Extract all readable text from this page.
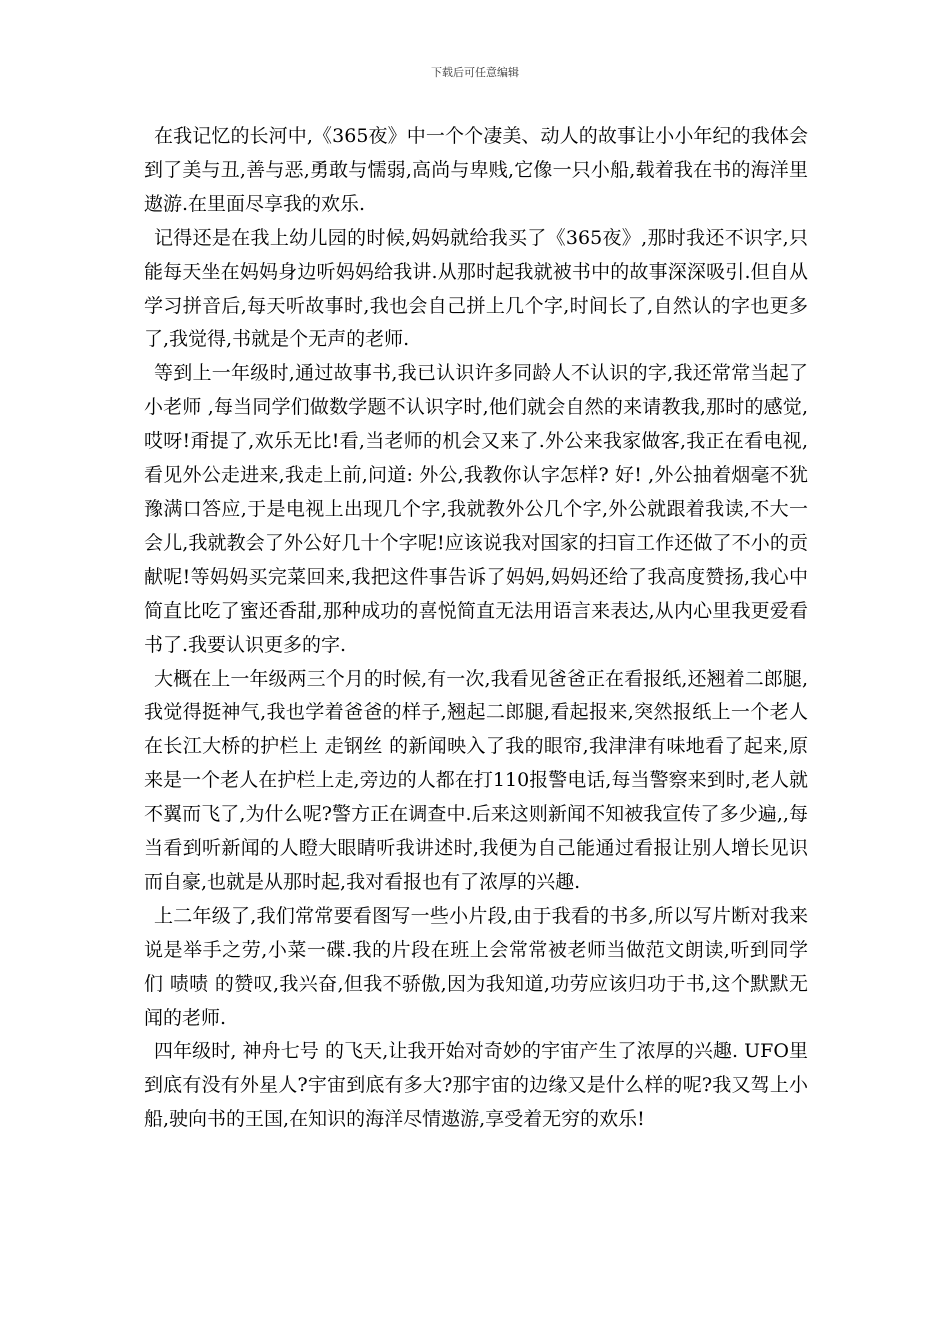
下载后可任意编辑

在我记忆的长河中,《365夜》中一个个凄美、动人的故事让小小年纪的我体会到了美与丑,善与恶,勇敢与懦弱,高尚与卑贱,它像一只小船,载着我在书的海洋里遨游.在里面尽享我的欢乐.

记得还是在我上幼儿园的时候,妈妈就给我买了《365夜》,那时我还不识字,只能每天坐在妈妈身边听妈妈给我讲.从那时起我就被书中的故事深深吸引.但自从学习拼音后,每天听故事时,我也会自己拼上几个字,时间长了,自然认的字也更多了,我觉得,书就是个无声的老师.

等到上一年级时,通过故事书,我已认识许多同龄人不认识的字,我还常常当起了 小老师 ,每当同学们做数学题不认识字时,他们就会自然的来请教我,那时的感觉,哎呀!甭提了,欢乐无比!看,当老师的机会又来了.外公来我家做客,我正在看电视,看见外公走进来,我走上前,问道: 外公,我教你认字怎样? 好! ,外公抽着烟毫不犹豫满口答应,于是电视上出现几个字,我就教外公几个字,外公就跟着我读,不大一会儿,我就教会了外公好几十个字呢!应该说我对国家的扫盲工作还做了不小的贡献呢!等妈妈买完菜回来,我把这件事告诉了妈妈,妈妈还给了我高度赞扬,我心中简直比吃了蜜还香甜,那种成功的喜悦简直无法用语言来表达,从内心里我更爱看书了.我要认识更多的字.

大概在上一年级两三个月的时候,有一次,我看见爸爸正在看报纸,还翘着二郎腿,我觉得挺神气,我也学着爸爸的样子,翘起二郎腿,看起报来,突然报纸上一个老人在长江大桥的护栏上 走钢丝 的新闻映入了我的眼帘,我津津有味地看了起来,原来是一个老人在护栏上走,旁边的人都在打110报警电话,每当警察来到时,老人就不翼而飞了,为什么呢?警方正在调查中.后来这则新闻不知被我宣传了多少遍,,每当看到听新闻的人瞪大眼睛听我讲述时,我便为自己能通过看报让别人增长见识而自豪,也就是从那时起,我对看报也有了浓厚的兴趣.

上二年级了,我们常常要看图写一些小片段,由于我看的书多,所以写片断对我来说是举手之劳,小菜一碟.我的片段在班上会常常被老师当做范文朗读,听到同学们 啧啧 的赞叹,我兴奋,但我不骄傲,因为我知道,功劳应该归功于书,这个默默无闻的老师.

四年级时, 神舟七号 的飞天,让我开始对奇妙的宇宙产生了浓厚的兴趣. UFO里到底有没有外星人?宇宙到底有多大?那宇宙的边缘又是什么样的呢?我又驾上小船,驶向书的王国,在知识的海洋尽情遨游,享受着无穷的欢乐!
